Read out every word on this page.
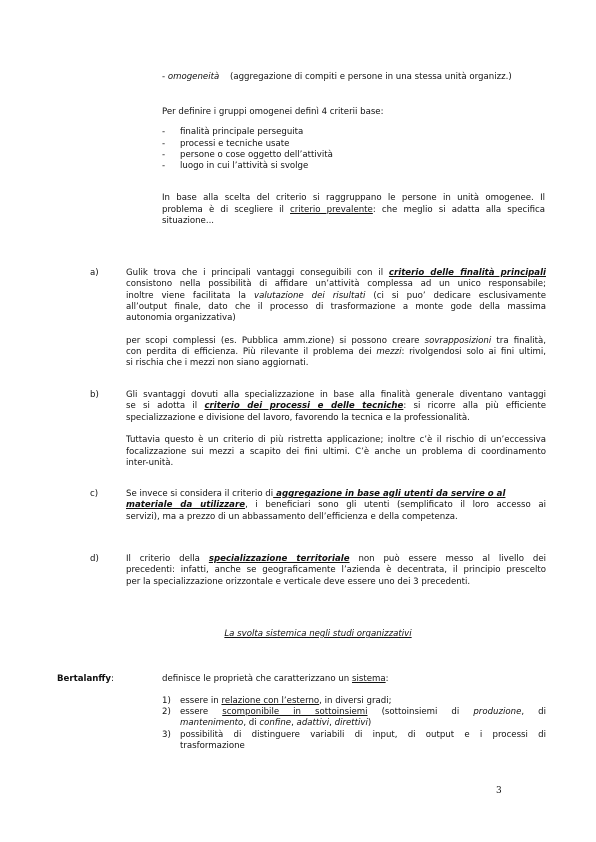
- omogeneità (aggregazione di compiti e persone in una stessa unità organizz.)
Per definire i gruppi omogenei definì 4 criterii base:
- finalità principale perseguita
- processi e tecniche usate
- persone o cose oggetto dell’attività
- luogo in cui l’attività si svolge
In base alla scelta del criterio si raggruppano le persone in unità omogenee. Il
problema è di scegliere il criterio prevalente: che meglio si adatta alla specifica
situazione...
a)	Gulik trova che i principali vantaggi conseguibili con il criterio delle finalità principali
consistono nella possibilità di affidare un’attività complessa ad un unico responsabile;
inoltre viene facilitata la valutazione dei risultati (ci si puo’ dedicare esclusivamente
all’output finale, dato che il processo di trasformazione a monte gode della massima
autonomia organizzativa)
per scopi complessi (es. Pubblica amm.zione) si possono creare sovrapposizioni tra finalità,
con perdita di efficienza. Più rilevante il problema dei mezzi: rivolgendosi solo ai fini ultimi,
si rischia che i mezzi non siano aggiornati.
b)	Gli svantaggi dovuti alla specializzazione in base alla finalità generale diventano vantaggi
se si adotta il criterio dei processi e delle tecniche: si ricorre alla più efficiente
specializzazione e divisione del lavoro, favorendo la tecnica e la professionalità.
Tuttavia questo è un criterio di più ristretta applicazione; inoltre c’è il rischio di un’eccessiva
focalizzazione sui mezzi a scapito dei fini ultimi. C’è anche un problema di coordinamento
inter-unità.
c)	Se invece si considera il criterio di aggregazione in base agli utenti da servire o al
materiale da utilizzare, i beneficiari sono gli utenti (semplificato il loro accesso ai
servizi), ma a prezzo di un abbassamento dell’efficienza e della competenza.
d)	Il criterio della specializzazione territoriale non può essere messo al livello dei
precedenti: infatti, anche se geograficamente l’azienda è decentrata, il principio prescelto
per la specializzazione orizzontale e verticale deve essere uno dei 3 precedenti.
La svolta sistemica negli studi organizzativi
Bertalanffy:	definisce le proprietà che caratterizzano un sistema:
1) essere in relazione con l’esterno, in diversi gradi;
2) essere scomponibile in sottoinsiemi (sottoinsiemi di produzione, di
mantenimento, di confine, adattivi, direttivi)
3) possibilità di distinguere variabili di input, di output e i processi di
trasformazione
3
